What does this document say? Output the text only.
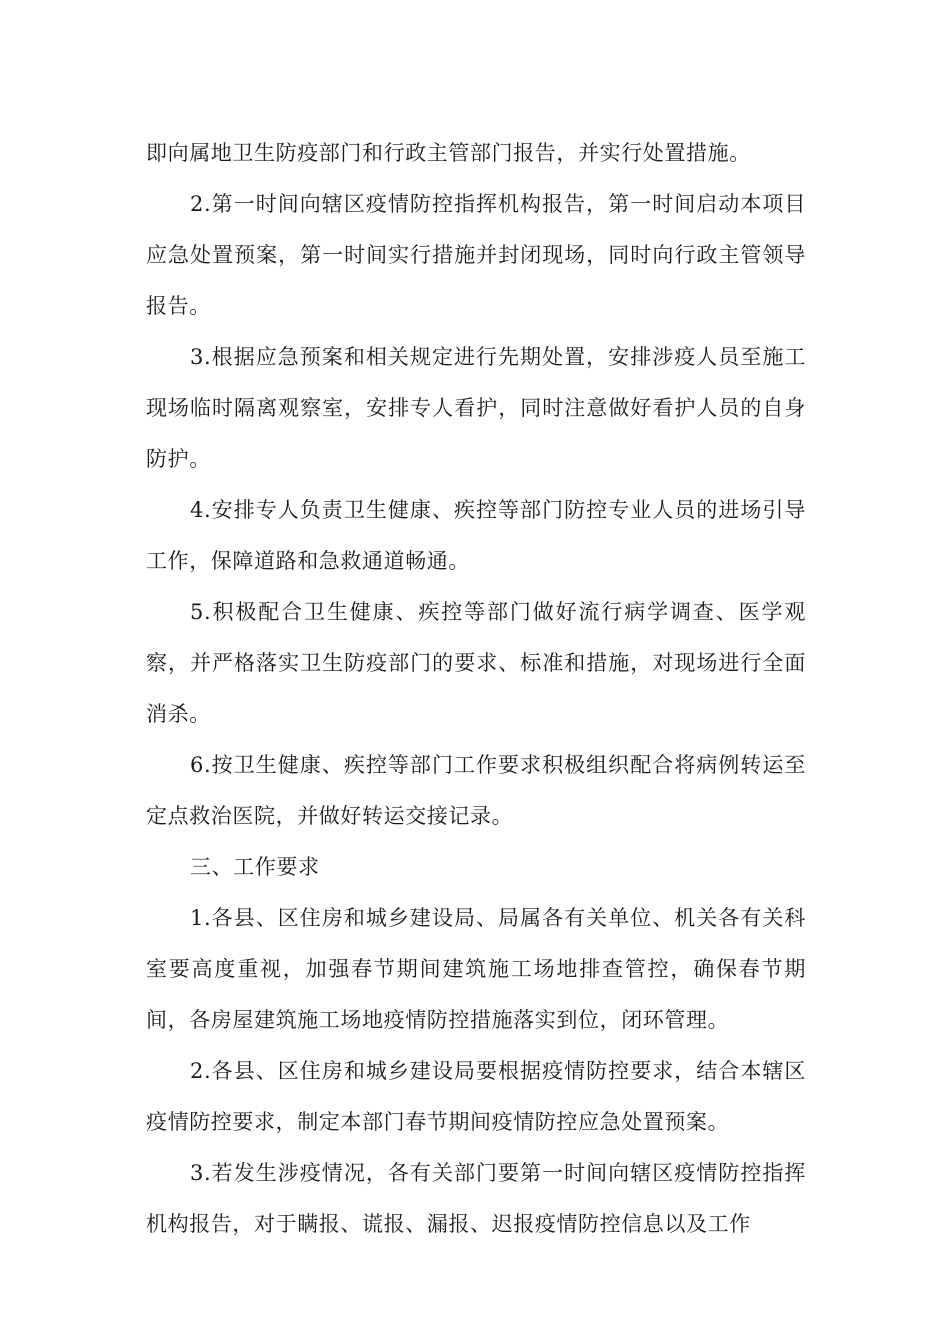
即向属地卫生防疫部门和行政主管部门报告，并实行处置措施。

2.第一时间向辖区疫情防控指挥机构报告，第一时间启动本项目应急处置预案，第一时间实行措施并封闭现场，同时向行政主管领导报告。

3.根据应急预案和相关规定进行先期处置，安排涉疫人员至施工现场临时隔离观察室，安排专人看护，同时注意做好看护人员的自身防护。

4.安排专人负责卫生健康、疾控等部门防控专业人员的进场引导工作，保障道路和急救通道畅通。

5.积极配合卫生健康、疾控等部门做好流行病学调查、医学观察，并严格落实卫生防疫部门的要求、标准和措施，对现场进行全面消杀。

6.按卫生健康、疾控等部门工作要求积极组织配合将病例转运至定点救治医院，并做好转运交接记录。

三、工作要求

1.各县、区住房和城乡建设局、局属各有关单位、机关各有关科室要高度重视，加强春节期间建筑施工场地排查管控，确保春节期间，各房屋建筑施工场地疫情防控措施落实到位，闭环管理。

2.各县、区住房和城乡建设局要根据疫情防控要求，结合本辖区疫情防控要求，制定本部门春节期间疫情防控应急处置预案。

3.若发生涉疫情况，各有关部门要第一时间向辖区疫情防控指挥机构报告，对于瞒报、谎报、漏报、迟报疫情防控信息以及工作
